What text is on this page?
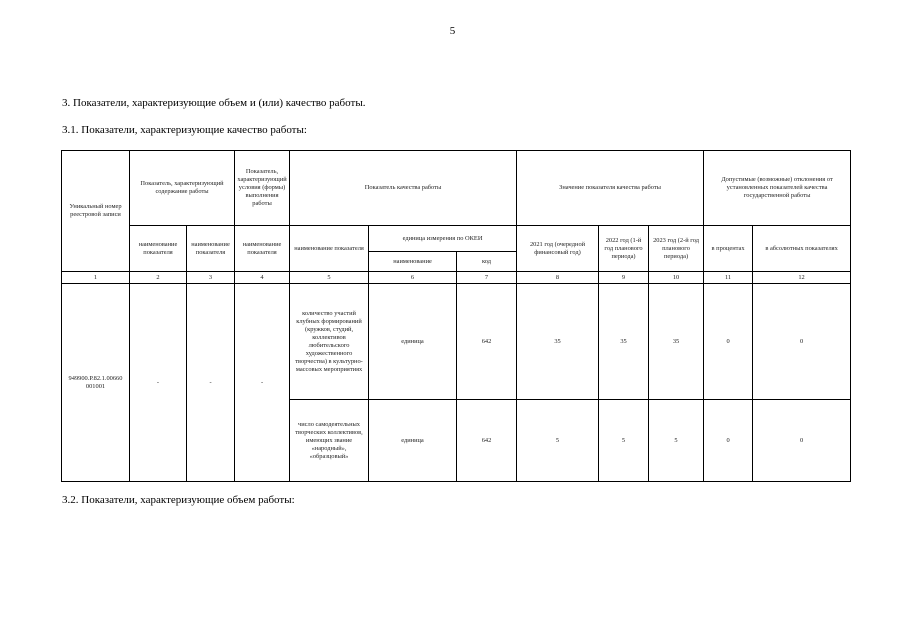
5
3. Показатели, характеризующие объем и (или) качество работы.
3.1. Показатели, характеризующие качество работы:
Уникальный номер реестровой записи	Показатель, характеризующий содержание работы		Показатель, характеризующий условия (формы) выполнения работы	Показатель качества работы			Значение показателя качества работы			Допустимые (возможные) отклонения от установленных показателей качества государственной работы	
	наименование показателя	наименование показателя	наименование показателя	наименование показателя	единица измерения по ОКЕИ		2021 год (очередной финансовый год)	2022 год (1-й год планового периода)	2023 год (2-й год планового периода)	в процентах	в абсолютных показателях
					наименование	код					
1	2	3	4	5	6	7	8	9	10	11	12
949900.Р.82.1.00660 001001	-	-	-	количество участий клубных формирований (кружков, студий, коллективов любительского художественного творчества) в культурно-массовых мероприятиях	единица	642	35	35	35	0	0
				число самодеятельных творческих коллективов, имеющих звание «народный», «образцовый»	единица	642	5	5	5	0	0
3.2. Показатели, характеризующие объем работы:
